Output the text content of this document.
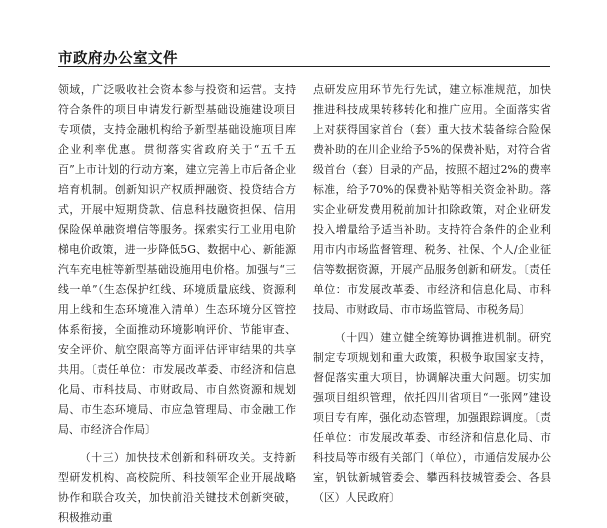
市政府办公室文件

领域，广泛吸收社会资本参与投资和运营。支持符合条件的项目申请发行新型基础设施建设项目专项债，支持金融机构给予新型基础设施项目库企业利率优惠。贯彻落实省政府关于“五千五百”上市计划的行动方案，建立完善上市后备企业培育机制。创新知识产权质押融资、投贷结合方式，开展中短期贷款、信息科技融资担保、信用保险保单融资增信等服务。探索实行工业用电阶梯电价政策，进一步降低5G、数据中心、新能源汽车充电桩等新型基础设施用电价格。加强与“三线一单”（生态保护红线、环境质量底线、资源利用上线和生态环境准入清单）生态环境分区管控体系衔接，全面推动环境影响评价、节能审查、安全评价、航空限高等方面评估评审结果的共享共用。〔责任单位：市发展改革委、市经济和信息化局、市科技局、市财政局、市自然资源和规划局、市生态环境局、市应急管理局、市金融工作局、市经济合作局〕

（十三）加快技术创新和科研攻关。支持新型研发机构、高校院所、科技领军企业开展战略协作和联合攻关，加快前沿关键技术创新突破，积极推动重

点研发应用环节先行先试，建立标准规范，加快推进科技成果转移转化和推广应用。全面落实省上对获得国家首台（套）重大技术装备综合险保费补助的在川企业给予5%的保费补贴，对符合省级首台（套）目录的产品，按照不超过2%的费率标准，给予70%的保费补贴等相关资金补助。落实企业研发费用税前加计扣除政策，对企业研发投入增量给予适当补助。支持符合条件的企业利用市内市场监督管理、税务、社保、个人/企业征信等数据资源，开展产品服务创新和研发。〔责任单位：市发展改革委、市经济和信息化局、市科技局、市财政局、市市场监管局、市税务局〕

（十四）建立健全统筹协调推进机制。研究制定专项规划和重大政策，积极争取国家支持，督促落实重大项目，协调解决重大问题。切实加强项目组织管理，依托四川省项目“一张网”建设项目专有库，强化动态管理，加强跟踪调度。〔责任单位：市发展改革委、市经济和信息化局、市科技局等市级有关部门（单位），市通信发展办公室，钒钛新城管委会、攀西科技城管委会、各县（区）人民政府〕
